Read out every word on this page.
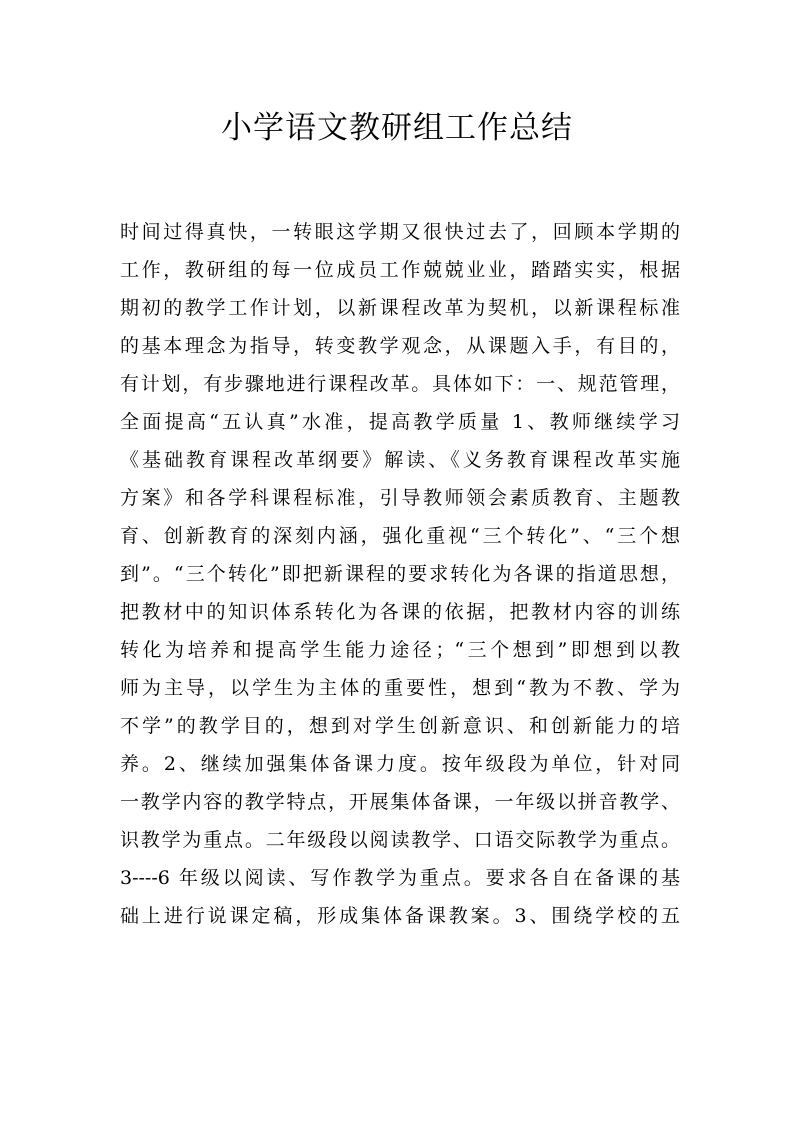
小学语文教研组工作总结
时间过得真快，一转眼这学期又很快过去了，回顾本学期的
工作，教研组的每一位成员工作兢兢业业，踏踏实实，根据
期初的教学工作计划，以新课程改革为契机，以新课程标准
的基本理念为指导，转变教学观念，从课题入手，有目的，
有计划，有步骤地进行课程改革。具体如下：一、规范管理，
全面提高“五认真”水准，提高教学质量 1、教师继续学习
《基础教育课程改革纲要》解读、《义务教育课程改革实施
方案》和各学科课程标准，引导教师领会素质教育、主题教
育、创新教育的深刻内涵，强化重视“三个转化”、“三个想
到”。“三个转化”即把新课程的要求转化为各课的指道思想，
把教材中的知识体系转化为各课的依据，把教材内容的训练
转化为培养和提高学生能力途径；“三个想到”即想到以教
师为主导，以学生为主体的重要性，想到“教为不教、学为
不学”的教学目的，想到对学生创新意识、和创新能力的培
养。2、继续加强集体备课力度。按年级段为单位，针对同
一教学内容的教学特点，开展集体备课，一年级以拼音教学、
识教学为重点。二年级段以阅读教学、口语交际教学为重点。
3----6 年级以阅读、写作教学为重点。要求各自在备课的基
础上进行说课定稿，形成集体备课教案。3、围绕学校的五
